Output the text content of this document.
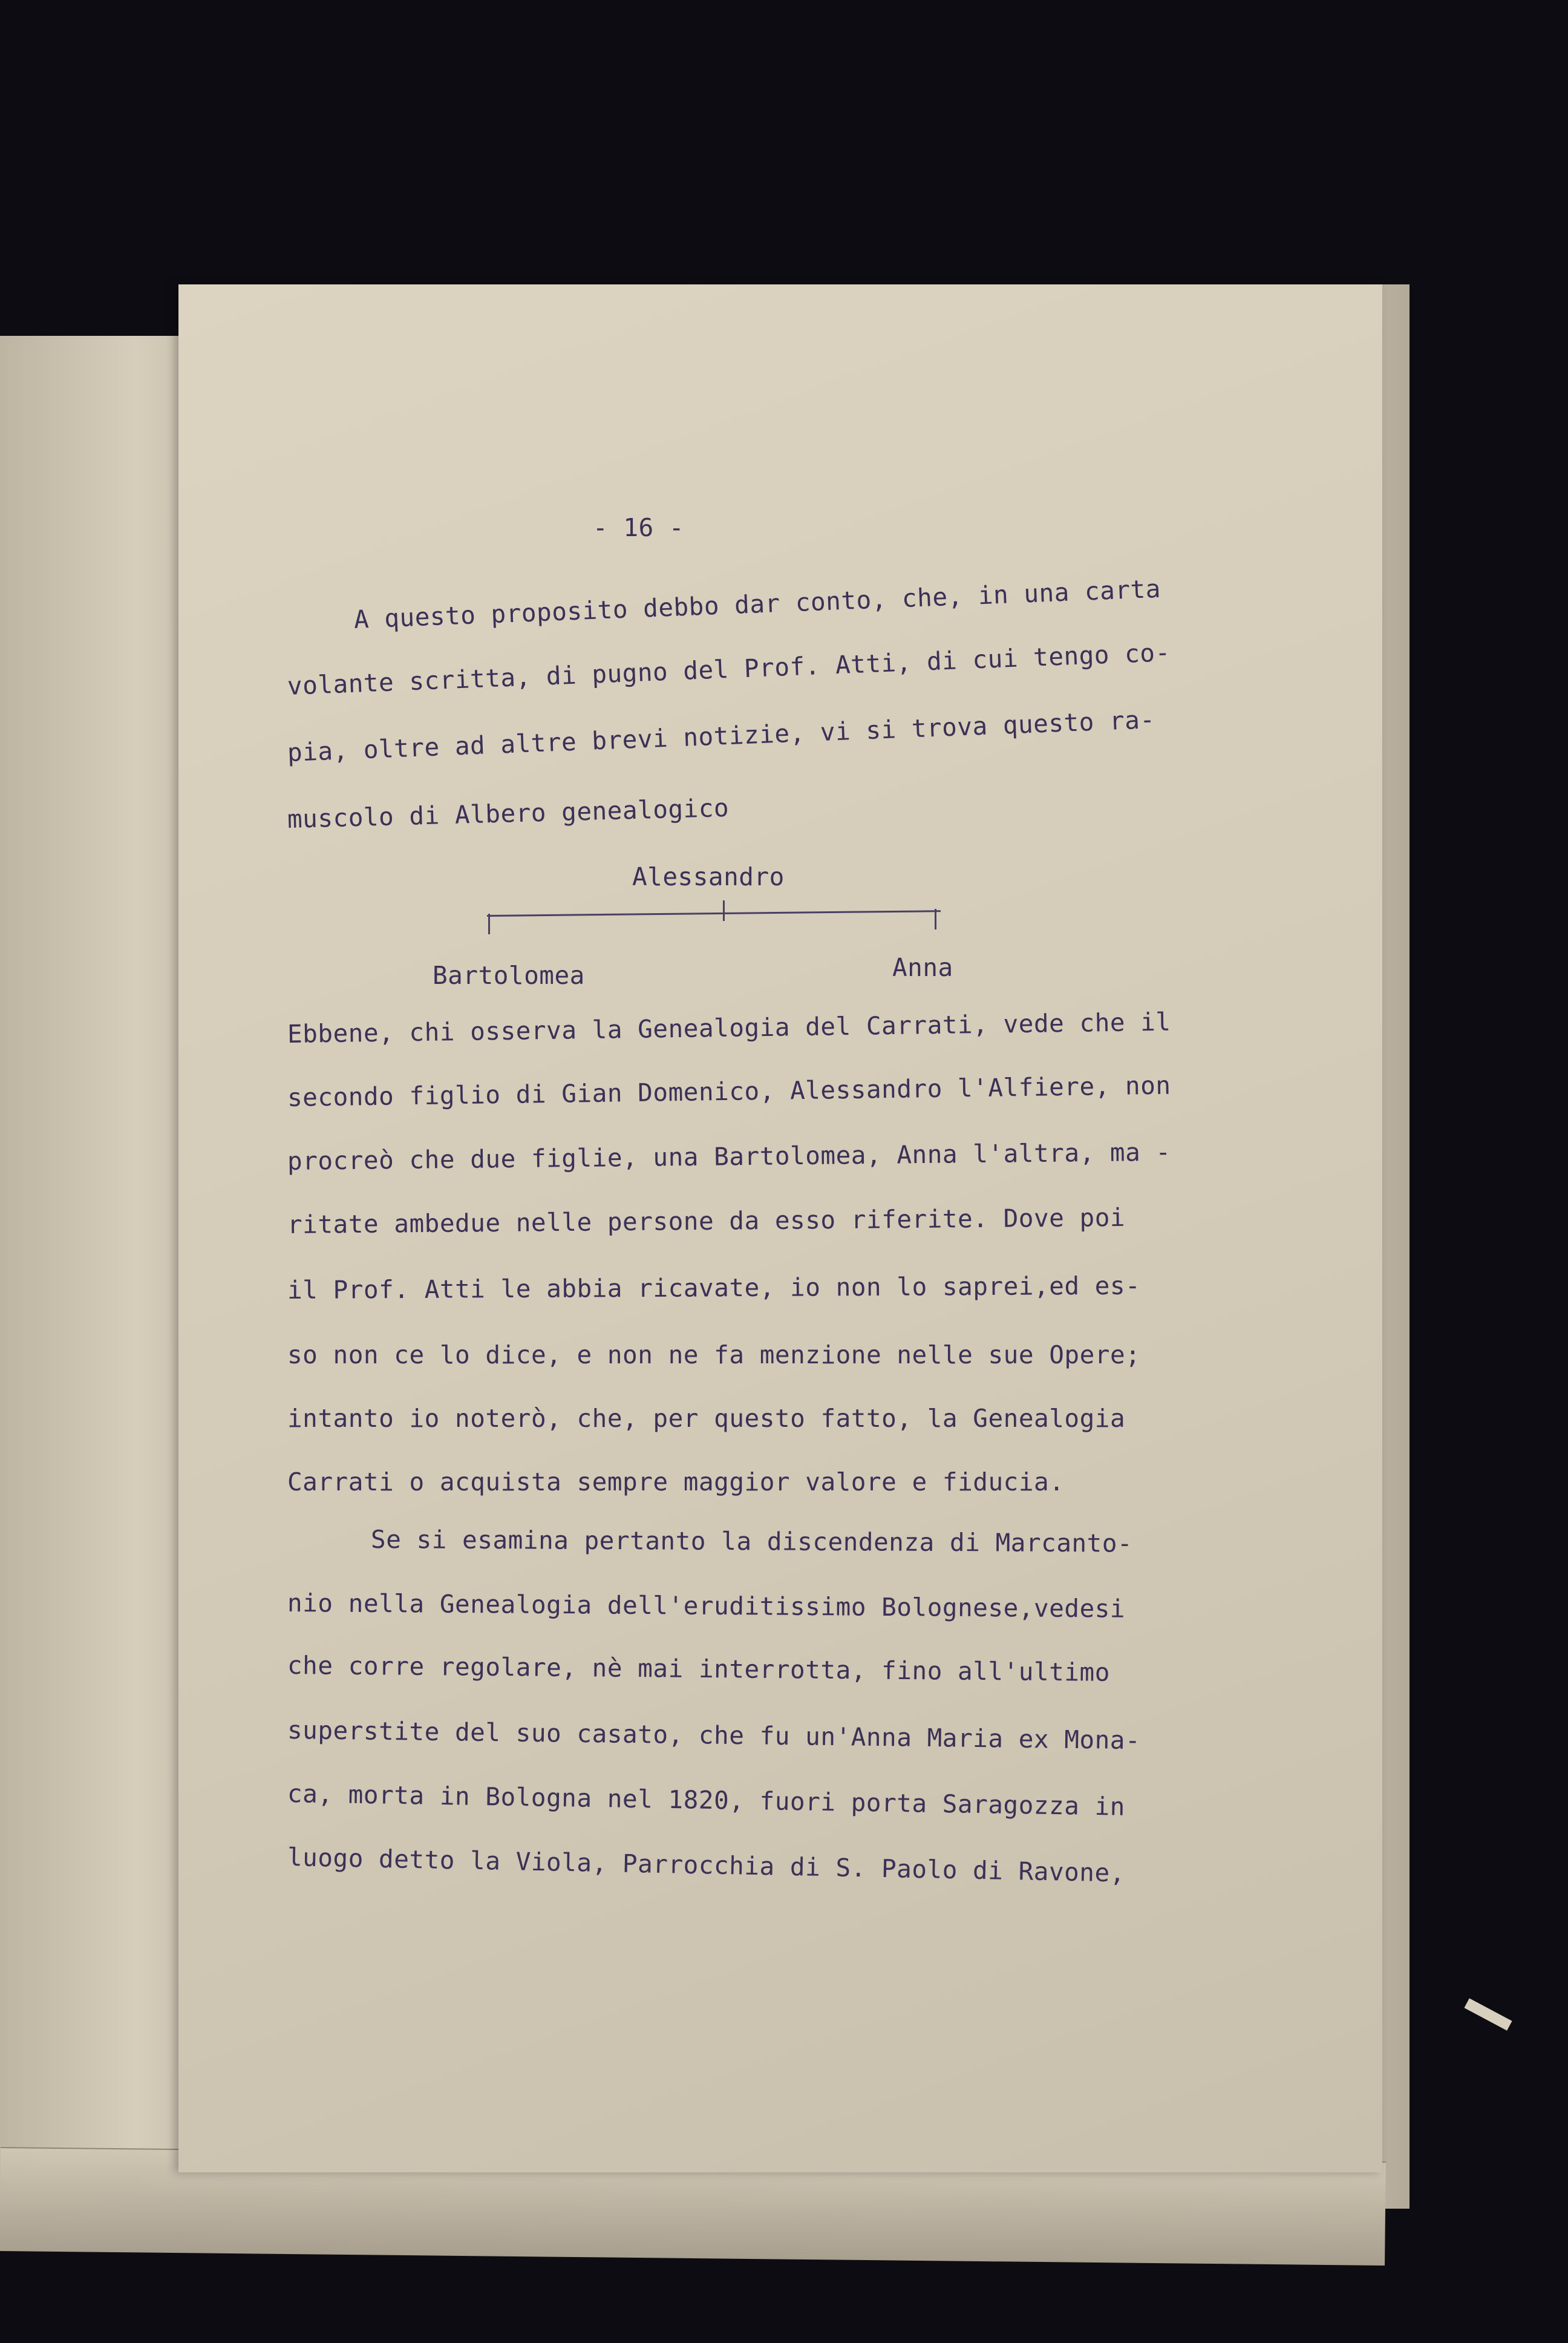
- 16 -
A questo proposito debbo dar conto, che, in una carta
volante scritta, di pugno del Prof. Atti, di cui tengo co-
pia, oltre ad altre brevi notizie, vi si trova questo ra-
muscolo di Albero genealogico
Alessandro
Bartolomea	Anna
Ebbene, chi osserva la Genealogia del Carrati, vede che il
secondo figlio di Gian Domenico, Alessandro l'Alfiere, non
procreò che due figlie, una Bartolomea, Anna l'altra, ma -
ritate ambedue nelle persone da esso riferite. Dove poi
il Prof. Atti le abbia ricavate, io non lo saprei,ed es-
so non ce lo dice, e non ne fa menzione nelle sue Opere;
intanto io noterò, che, per questo fatto, la Genealogia
Carrati o acquista sempre maggior valore e fiducia.
Se si esamina pertanto la discendenza di Marcanto-
nio nella Genealogia dell'eruditissimo Bolognese,vedesi
che corre regolare, nè mai interrotta, fino all'ultimo
superstite del suo casato, che fu un'Anna Maria ex Mona-
ca, morta in Bologna nel 1820, fuori porta Saragozza in
luogo detto la Viola, Parrocchia di S. Paolo di Ravone,
